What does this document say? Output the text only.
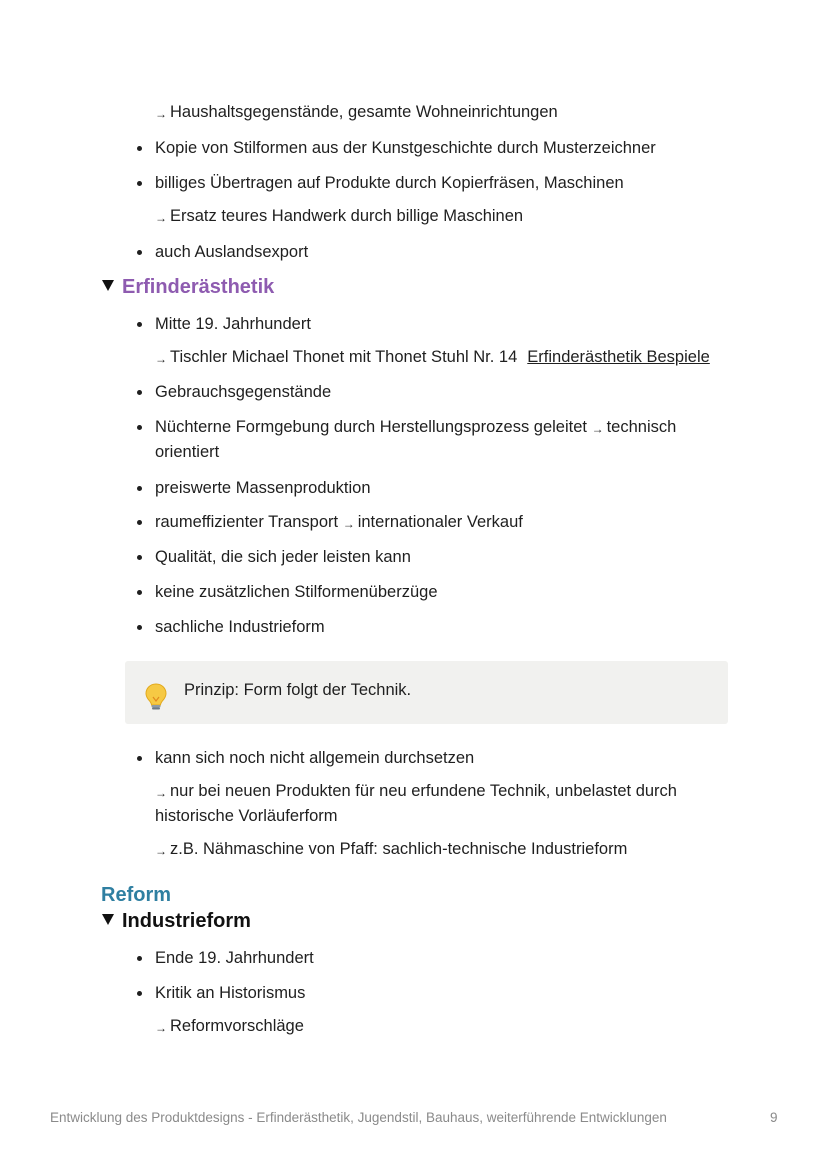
→ Haushaltsgegenstände, gesamte Wohneinrichtungen
Kopie von Stilformen aus der Kunstgeschichte durch Musterzeichner
billiges Übertragen auf Produkte durch Kopierfräsen, Maschinen
→ Ersatz teures Handwerk durch billige Maschinen
auch Auslandsexport
Erfinderästhetik
Mitte 19. Jahrhundert
→ Tischler Michael Thonet mit Thonet Stuhl Nr. 14 Erfinderästhetik Bespiele
Gebrauchsgegenstände
Nüchterne Formgebung durch Herstellungsprozess geleitet → technisch
orientiert
preiswerte Massenproduktion
raumeffizienter Transport → internationaler Verkauf
Qualität, die sich jeder leisten kann
keine zusätzlichen Stilformenüberzüge
sachliche Industrieform
Prinzip: Form folgt der Technik.
kann sich noch nicht allgemein durchsetzen
→ nur bei neuen Produkten für neu erfundene Technik, unbelastet durch
historische Vorläuferform
→ z.B. Nähmaschine von Pfaff: sachlich-technische Industrieform
Reform
Industrieform
Ende 19. Jahrhundert
Kritik an Historismus
→ Reformvorschläge
Entwicklung des Produktdesigns - Erfinderästhetik, Jugendstil, Bauhaus, weiterführende Entwicklungen	9
